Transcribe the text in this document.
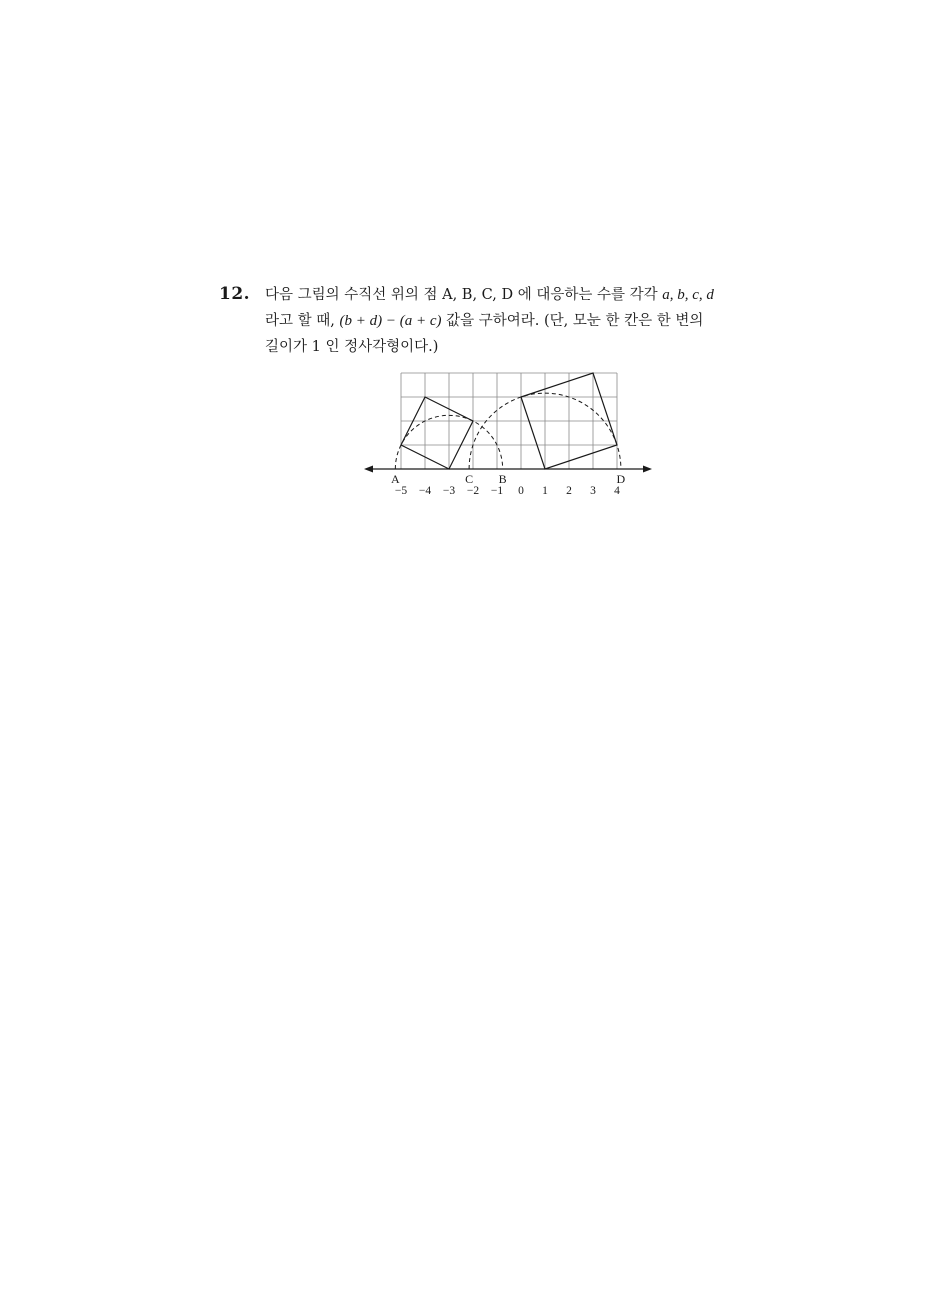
12. 다음 그림의 수직선 위의 점 A, B, C, D 에 대응하는 수를 각각 a, b, c, d
라고 할 때, (b + d) − (a + c) 값을 구하여라. (단, 모눈 한 칸은 한 변의
길이가 1 인 정사각형이다.)
−5 −4 −3 −2 −1 0 1 2 3 4
A	B
C	D
